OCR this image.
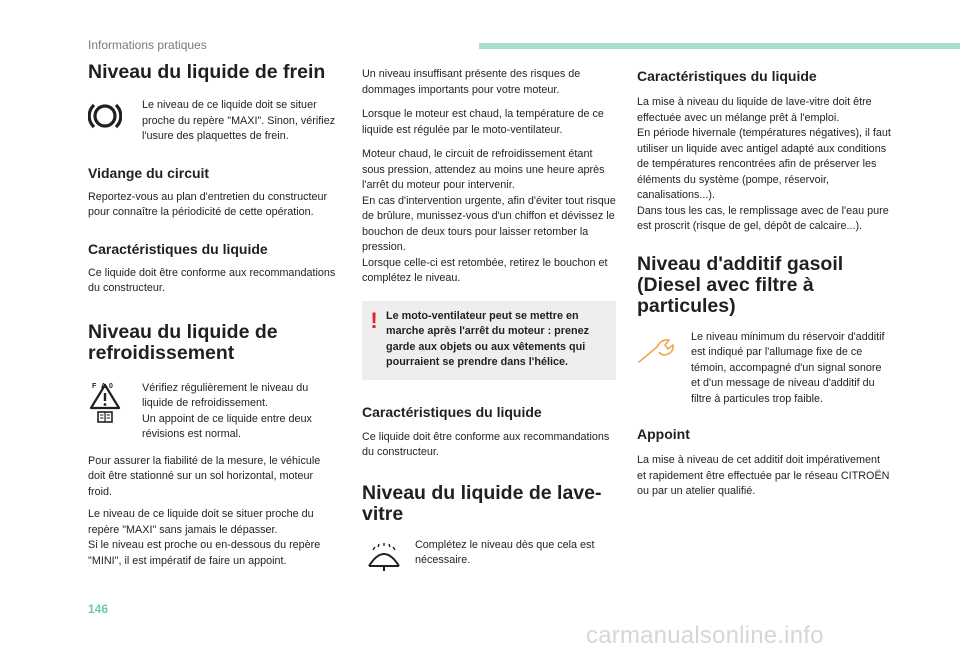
Informations pratiques
Niveau du liquide de frein

Le niveau de ce liquide doit se situer proche du repère "MAXI". Sinon, vérifiez l'usure des plaquettes de frein.

Vidange du circuit

Reportez-vous au plan d'entretien du constructeur pour connaître la périodicité de cette opération.

Caractéristiques du liquide

Ce liquide doit être conforme aux recommandations du constructeur.

Niveau du liquide de refroidissement
F A 0	Vérifiez régulièrement le niveau du liquide de refroidissement.
Un appoint de ce liquide entre deux révisions est normal.

Pour assurer la fiabilité de la mesure, le véhicule doit être stationné sur un sol horizontal, moteur froid.

Le niveau de ce liquide doit se situer proche du repère "MAXI" sans jamais le dépasser.
Si le niveau est proche ou en-dessous du repère "MINI", il est impératif de faire un appoint.

Un niveau insuffisant présente des risques de dommages importants pour votre moteur.

Lorsque le moteur est chaud, la température de ce liquide est régulée par le moto-ventilateur.

Moteur chaud, le circuit de refroidissement étant sous pression, attendez au moins une heure après l'arrêt du moteur pour intervenir.
En cas d'intervention urgente, afin d'éviter tout risque de brûlure, munissez-vous d'un chiffon et dévissez le bouchon de deux tours pour laisser retomber la pression.
Lorsque celle-ci est retombée, retirez le bouchon et complétez le niveau.

! Le moto-ventilateur peut se mettre en marche après l'arrêt du moteur : prenez garde aux objets ou aux vêtements qui pourraient se prendre dans l'hélice.
Caractéristiques du liquide

Ce liquide doit être conforme aux recommandations du constructeur.

Niveau du liquide de lave-vitre

Complétez le niveau dès que cela est nécessaire.

Caractéristiques du liquide

La mise à niveau du liquide de lave-vitre doit être effectuée avec un mélange prêt à l'emploi.
En période hivernale (températures négatives), il faut utiliser un liquide avec antigel adapté aux conditions de températures rencontrées afin de préserver les éléments du système (pompe, réservoir, canalisations...).
Dans tous les cas, le remplissage avec de l'eau pure est proscrit (risque de gel, dépôt de calcaire...).

Niveau d'additif gasoil (Diesel avec filtre à particules)

Le niveau minimum du réservoir d'additif est indiqué par l'allumage fixe de ce témoin, accompagné d'un signal sonore et d'un message de niveau d'additif du filtre à particules trop faible.

Appoint

La mise à niveau de cet additif doit impérativement et rapidement être effectuée par le réseau CITROËN ou par un atelier qualifié.

146
carmanualsonline.info
